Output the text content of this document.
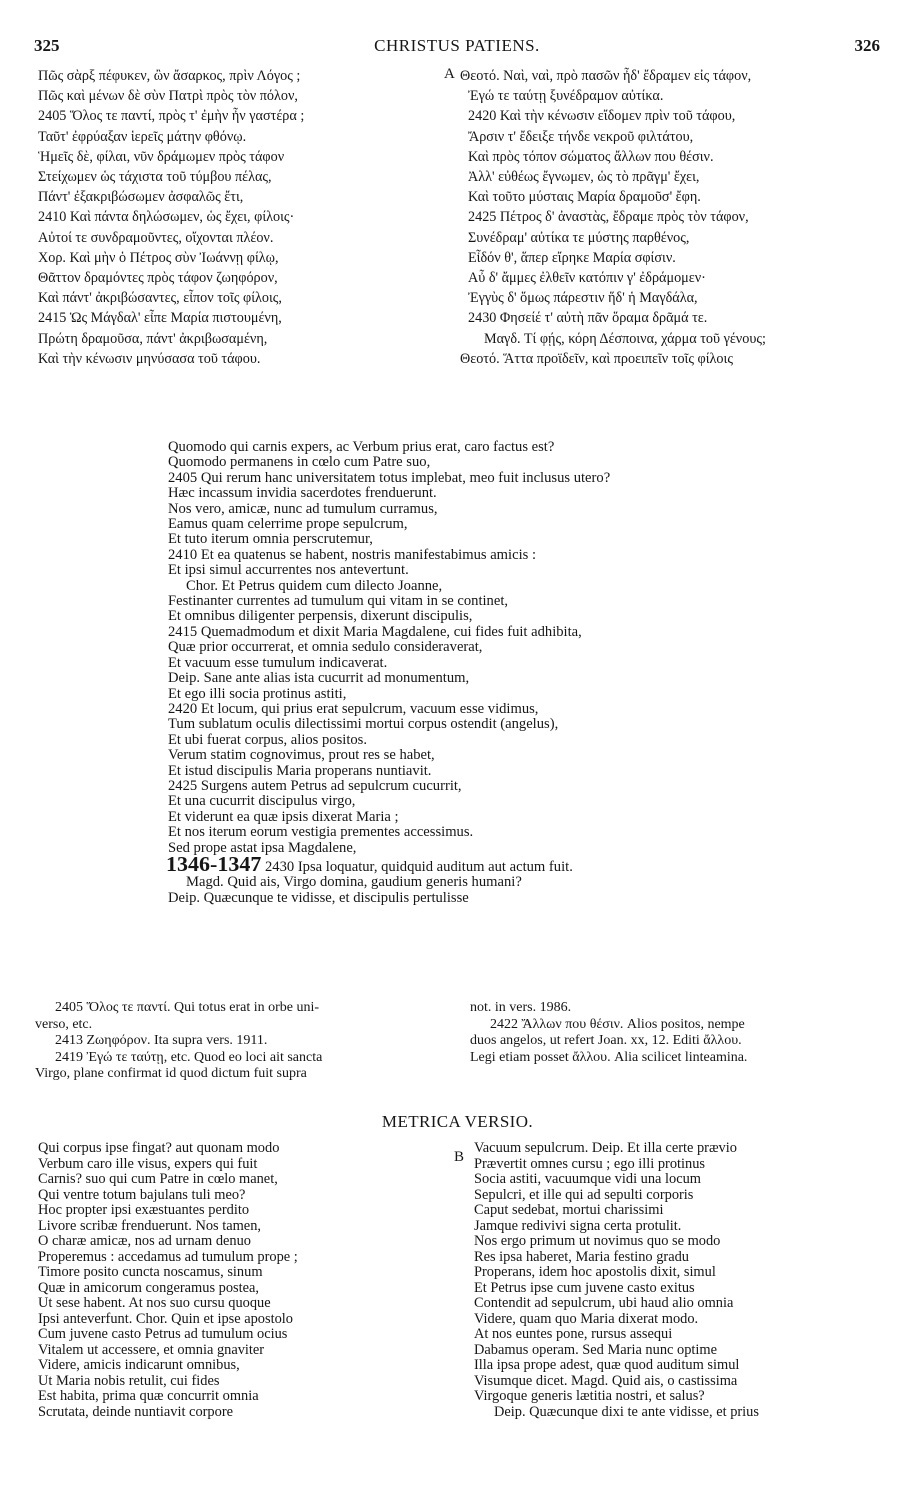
325	CHRISTUS PATIENS.	326
Πῶς σὰρξ πέφυκεν, ὢν ἄσαρκος, πρὶν Λόγος ;
Πῶς καὶ μένων δὲ σὺν Πατρὶ πρὸς τὸν πόλον,
2405 Ὅλος τε παντί, πρὸς τ' ἐμὴν ἦν γαστέρα ;
Ταῦτ' ἐφρύαξαν ἱερεῖς μάτην φθόνῳ.
Ἡμεῖς δὲ, φίλαι, νῦν δράμωμεν πρὸς τάφον
Στείχωμεν ὡς τάχιστα τοῦ τύμβου πέλας,
Πάντ' ἐξακριβώσωμεν ἀσφαλῶς ἔτι,
2410 Καὶ πάντα δηλώσωμεν, ὡς ἔχει, φίλοις·
Αὐτοί τε συνδραμοῦντες, οἴχονται πλέον.
Χορ. Καὶ μὴν ὁ Πέτρος σὺν Ἰωάννῃ φίλῳ,
Θᾶττον δραμόντες πρὸς τάφον ζωηφόρον,
Καὶ πάντ' ἀκριβώσαντες, εἶπον τοῖς φίλοις,
2415 Ὡς Μάγδαλ' εἶπε Μαρία πιστουμένη,
Πρώτη δραμοῦσα, πάντ' ἀκριβωσαμένη,
Καὶ τὴν κένωσιν μηνύσασα τοῦ τάφου.
A Θεοτό. Ναὶ, ναὶ, πρὸ πασῶν ἦδ' ἔδραμεν εἰς τάφον,
Ἐγώ τε ταύτῃ ξυνέδραμον αὐτίκα.
2420 Καὶ τὴν κένωσιν εἴδομεν πρὶν τοῦ τάφου,
Ἄρσιν τ' ἔδειξε τήνδε νεκροῦ φιλτάτου,
Καὶ πρὸς τόπον σώματος ἄλλων που θέσιν.
Ἀλλ' εὐθέως ἔγνωμεν, ὡς τὸ πρᾶγμ' ἔχει,
Καὶ τοῦτο μύσταις Μαρία δραμοῦσ' ἔφη.
2425 Πέτρος δ' ἀναστὰς, ἔδραμε πρὸς τὸν τάφον,
Συνέδραμ' αὐτίκα τε μύστης παρθένος,
Εἶδόν θ', ἅπερ εἴρηκε Μαρία σφίσιν.
Αὖ δ' ἄμμες ἐλθεῖν κατόπιν γ' ἐδράμομεν·
Ἐγγὺς δ' ὅμως πάρεστιν ἥδ' ἡ Μαγδάλα,
2430 Φησείέ τ' αὐτὴ πᾶν ὅραμα δρᾶμά τε.
Μαγδ. Τί φῄς, κόρη Δέσποινα, χάρμα τοῦ γένους;
Θεοτό. Ἅττα προϊδεῖν, καὶ προειπεῖν τοῖς φίλοις
Quomodo qui carnis expers, ac Verbum prius erat, caro factus est?
Quomodo permanens in cœlo cum Patre suo,
2405 Qui rerum hanc universitatem totus implebat, meo fuit inclusus utero?
Hæc incassum invidia sacerdotes frenduerunt.
Nos vero, amicæ, nunc ad tumulum curramus,
Eamus quam celerrime prope sepulcrum,
Et tuto iterum omnia perscrutemur,
2410 Et ea quatenus se habent, nostris manifestabimus amicis :
Et ipsi simul accurrentes nos antevertunt.
Chor. Et Petrus quidem cum dilecto Joanne,
Festinanter currentes ad tumulum qui vitam in se continet,
Et omnibus diligenter perpensis, dixerunt discipulis,
2415 Quemadmodum et dixit Maria Magdalene, cui fides fuit adhibita,
Quæ prior occurrerat, et omnia sedulo consideraverat,
Et vacuum esse tumulum indicaverat.
Deip. Sane ante alias ista cucurrit ad monumentum,
Et ego illi socia protinus astiti,
2420 Et locum, qui prius erat sepulcrum, vacuum esse vidimus,
Tum sublatum oculis dilectissimi mortui corpus ostendit (angelus),
Et ubi fuerat corpus, alios positos.
Verum statim cognovimus, prout res se habet,
Et istud discipulis Maria properans nuntiavit.
2425 Surgens autem Petrus ad sepulcrum cucurrit,
Et una cucurrit discipulus virgo,
Et viderunt ea quæ ipsis dixerat Maria ;
Et nos iterum eorum vestigia prementes accessimus.
Sed prope astat ipsa Magdalene,
1346-1347 2430 Ipsa loquatur, quidquid auditum aut actum fuit.
Magd. Quid ais, Virgo domina, gaudium generis humani?
Deip. Quæcunque te vidisse, et discipulis pertulisse
2405 Ὅλος τε παντί. Qui totus erat in orbe uni-
verso, etc.
2413 Ζωηφόρον. Ita supra vers. 1911.
2419 Ἐγώ τε ταύτῃ, etc. Quod eo loci ait sancta
Virgo, plane confirmat id quod dictum fuit supra
not. in vers. 1986.
2422 Ἄλλων που θέσιν. Alios positos, nempe
duos angelos, ut refert Joan. xx, 12. Editi ἄλλου.
Legi etiam posset ἄλλου. Alia scilicet linteamina.
METRICA VERSIO.
Qui corpus ipse fingat? aut quonam modo
Verbum caro ille visus, expers qui fuit
Carnis? suo qui cum Patre in cœlo manet,
Qui ventre totum bajulans tuli meo?
Hoc propter ipsi exæstuantes perdito
Livore scribæ frenduerunt. Nos tamen,
O charæ amicæ, nos ad urnam denuo
Properemus : accedamus ad tumulum prope ;
Timore posito cuncta noscamus, sinum
Quæ in amicorum congeramus postea,
Ut sese habent. At nos suo cursu quoque
Ipsi anteverfunt. Chor. Quin et ipse apostolo
Cum juvene casto Petrus ad tumulum ocius
Vitalem ut accessere, et omnia gnaviter
Videre, amicis indicarunt omnibus,
Ut Maria nobis retulit, cui fides
Est habita, prima quæ concurrit omnia
Scrutata, deinde nuntiavit corpore
B
Vacuum sepulcrum. Deip. Et illa certe prævio
Prævertit omnes cursu ; ego illi protinus
Socia astiti, vacuumque vidi una locum
Sepulcri, et ille qui ad sepulti corporis
Caput sedebat, mortui charissimi
Jamque redivivi signa certa protulit.
Nos ergo primum ut novimus quo se modo
Res ipsa haberet, Maria festino gradu
Properans, idem hoc apostolis dixit, simul
Et Petrus ipse cum juvene casto exitus
Contendit ad sepulcrum, ubi haud alio omnia
Videre, quam quo Maria dixerat modo.
At nos euntes pone, rursus assequi
Dabamus operam. Sed Maria nunc optime
Illa ipsa prope adest, quæ quod auditum simul
Visumque dicet. Magd. Quid ais, o castissima
Virgoque generis lætitia nostri, et salus?
Deip. Quæcunque dixi te ante vidisse, et prius
